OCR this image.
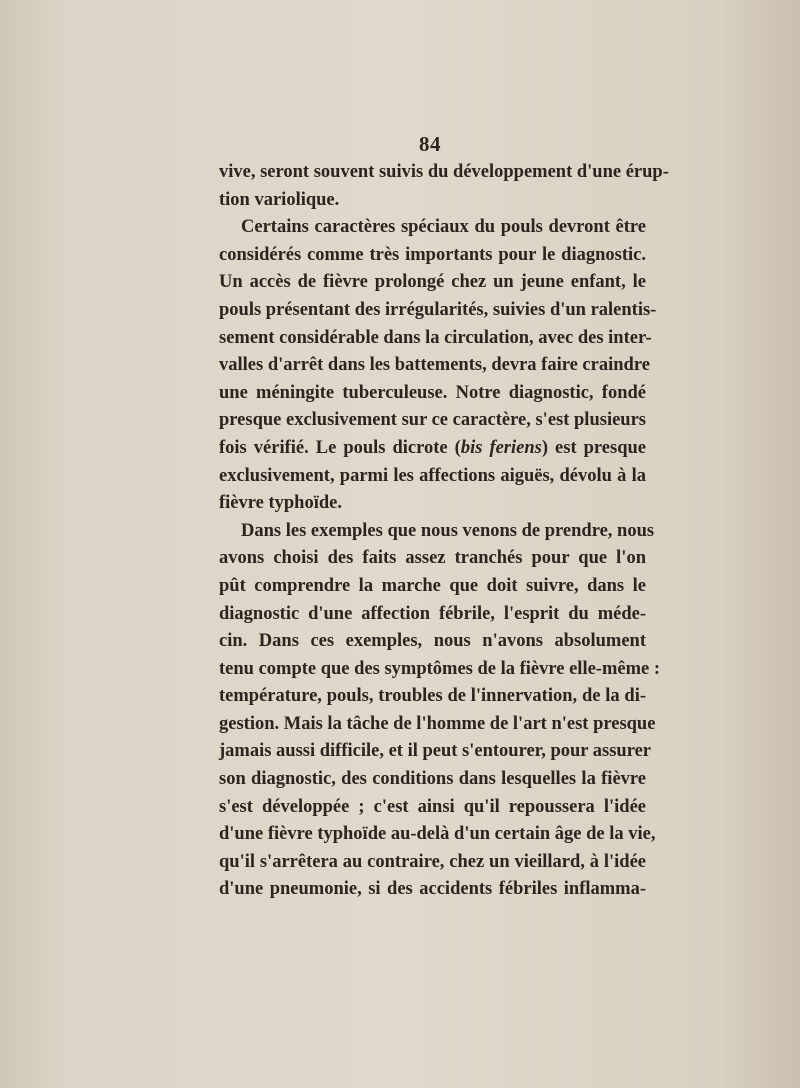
84
vive, seront souvent suivis du développement d'une érup-
tion variolique.
Certains caractères spéciaux du pouls devront être
considérés comme très importants pour le diagnostic.
Un accès de fièvre prolongé chez un jeune enfant, le
pouls présentant des irrégularités, suivies d'un ralentis-
sement considérable dans la circulation, avec des inter-
valles d'arrêt dans les battements, devra faire craindre
une méningite tuberculeuse. Notre diagnostic, fondé
presque exclusivement sur ce caractère, s'est plusieurs
fois vérifié. Le pouls dicrote (bis feriens) est presque
exclusivement, parmi les affections aiguës, dévolu à la
fièvre typhoïde.
Dans les exemples que nous venons de prendre, nous
avons choisi des faits assez tranchés pour que l'on
pût comprendre la marche que doit suivre, dans le
diagnostic d'une affection fébrile, l'esprit du méde-
cin. Dans ces exemples, nous n'avons absolument
tenu compte que des symptômes de la fièvre elle-même :
température, pouls, troubles de l'innervation, de la di-
gestion. Mais la tâche de l'homme de l'art n'est presque
jamais aussi difficile, et il peut s'entourer, pour assurer
son diagnostic, des conditions dans lesquelles la fièvre
s'est développée ; c'est ainsi qu'il repoussera l'idée
d'une fièvre typhoïde au-delà d'un certain âge de la vie,
qu'il s'arrêtera au contraire, chez un vieillard, à l'idée
d'une pneumonie, si des accidents fébriles inflamma-
